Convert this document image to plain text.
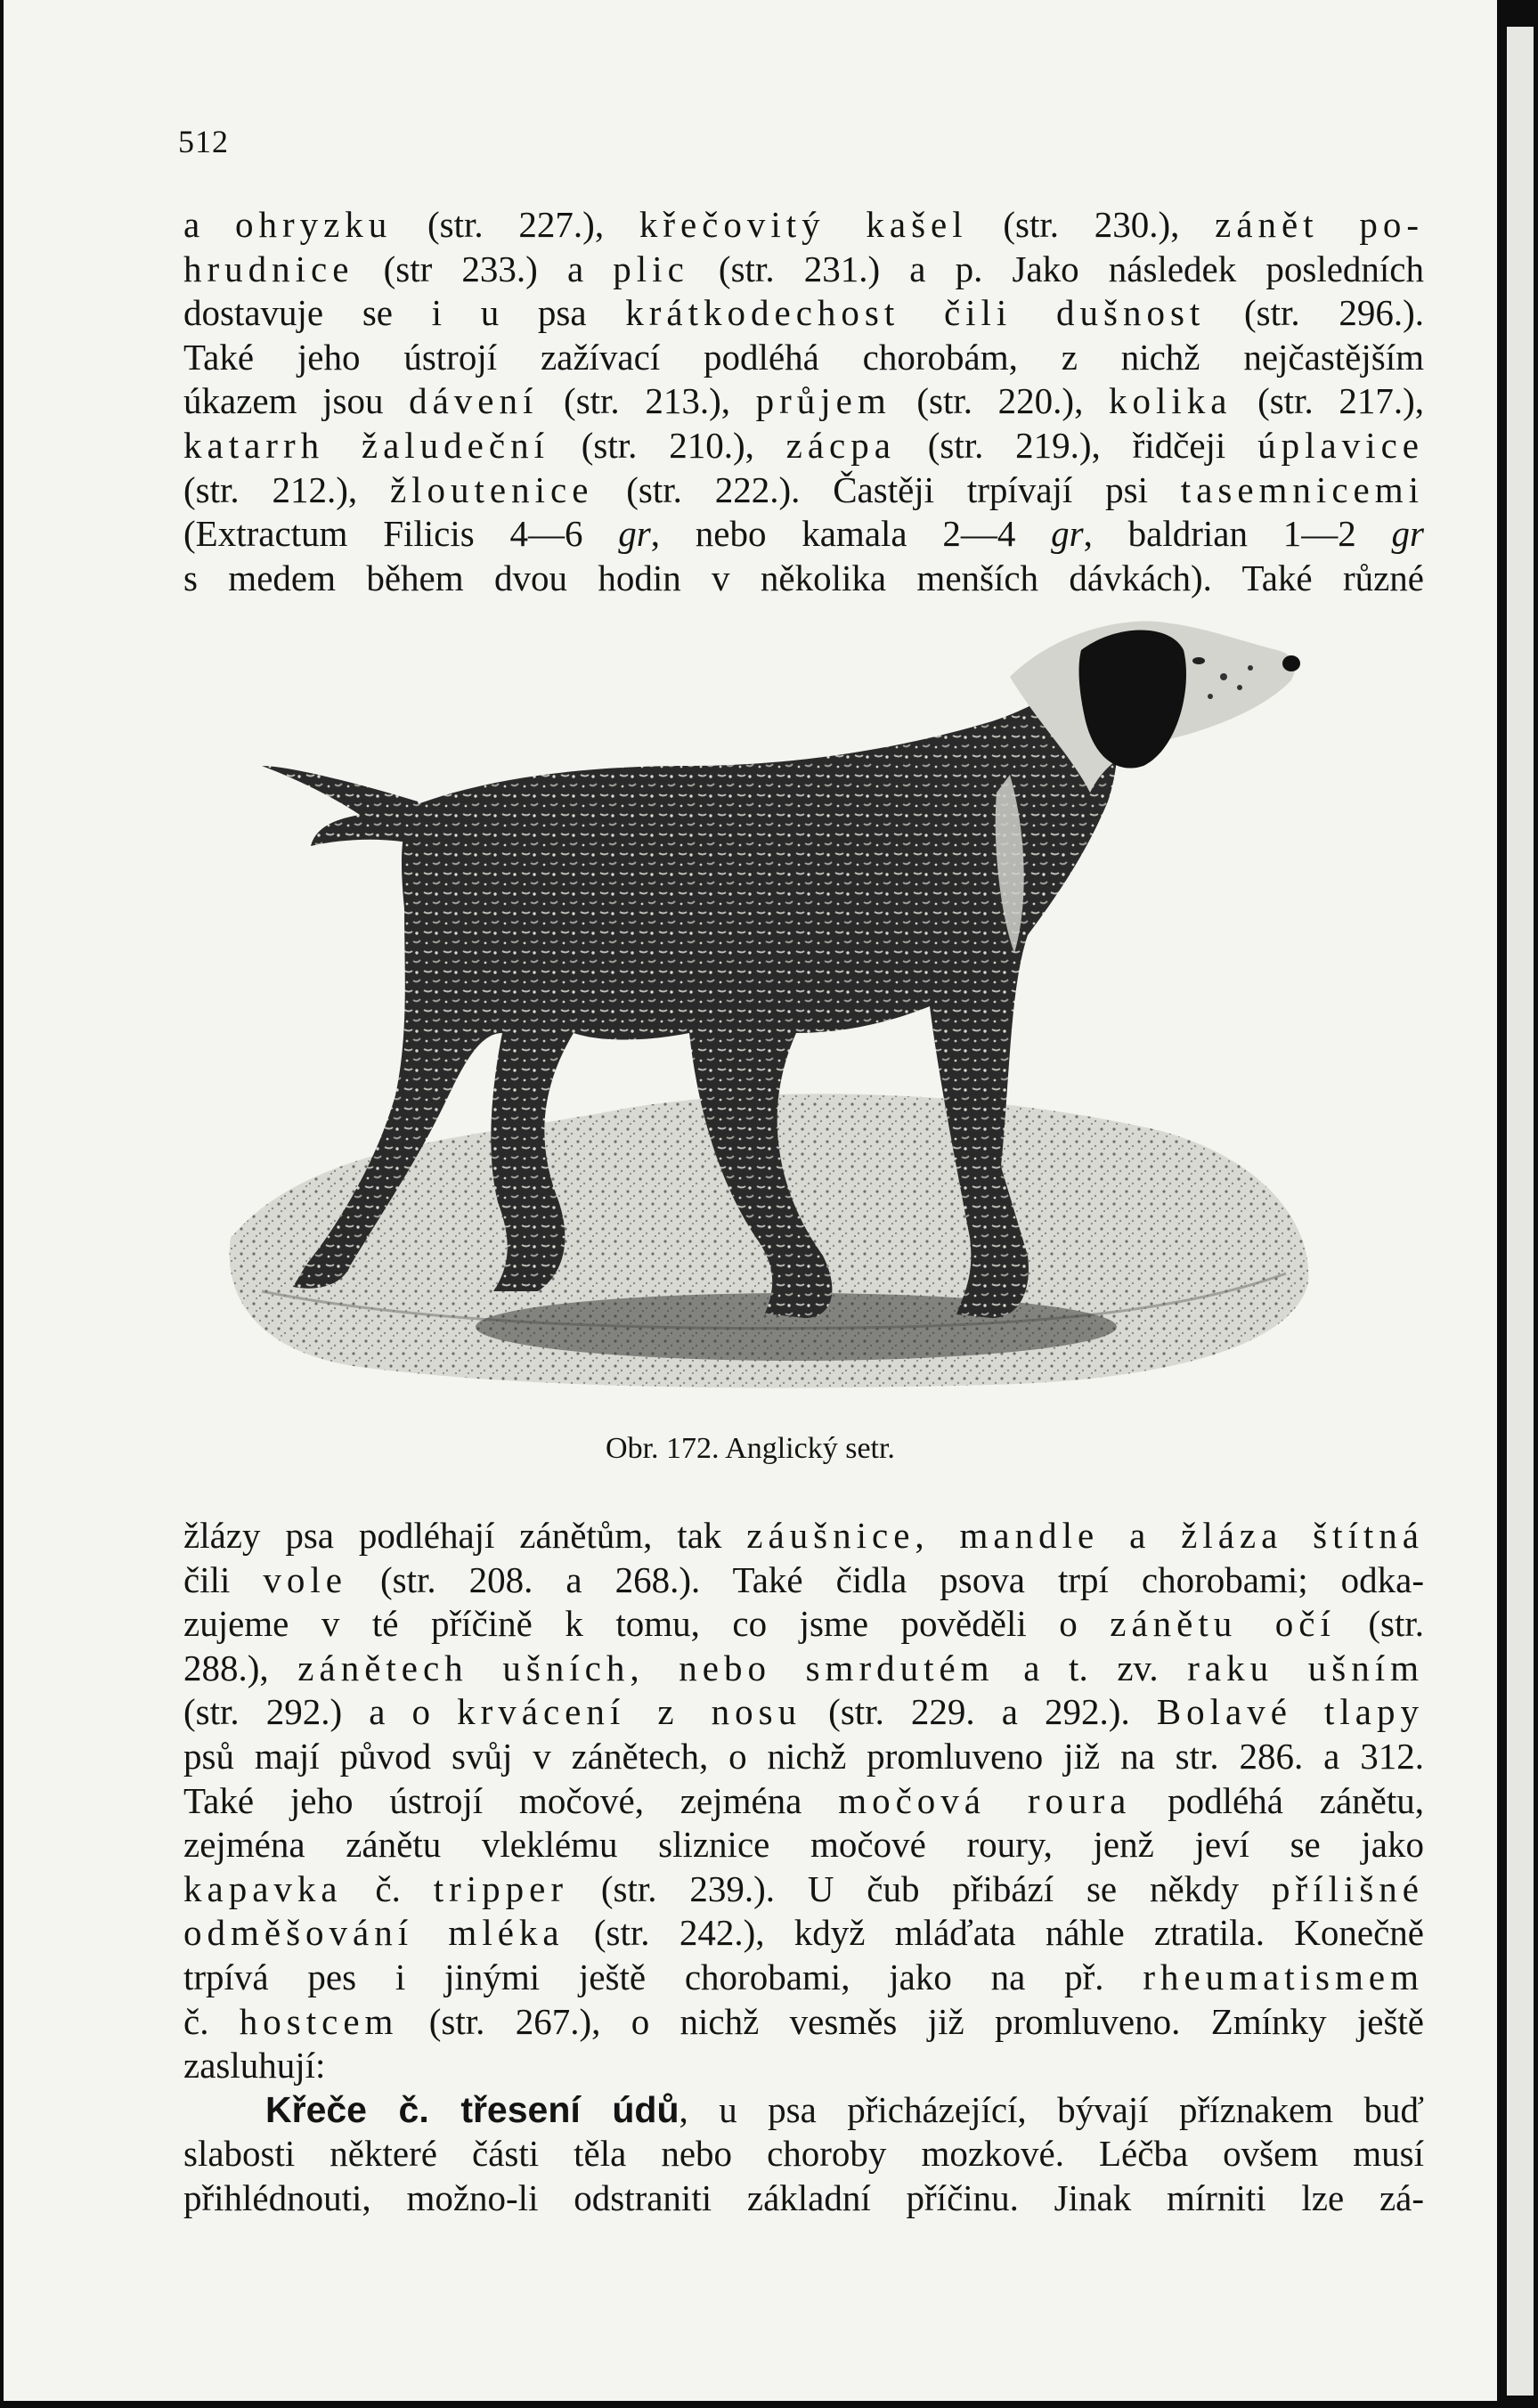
512
a ohryzku (str. 227.), křečovitý kašel (str. 230.), zánět po-
hrudnice (str 233.) a plic (str. 231.) a p. Jako následek posledních
dostavuje se i u psa krátkodechost čili dušnost (str. 296.).
Také jeho ústrojí zažívací podléhá chorobám, z nichž nejčastějším
úkazem jsou dávení (str. 213.), průjem (str. 220.), kolika (str. 217.),
katarrh žaludeční (str. 210.), zácpa (str. 219.), řidčeji úplavice
(str. 212.), žloutenice (str. 222.). Častěji trpívají psi tasemnicemi
(Extractum Filicis 4—6 gr, nebo kamala 2—4 gr, baldrian 1—2 gr
s medem během dvou hodin v několika menších dávkách). Také různé
Obr. 172. Anglický setr.
žlázy psa podléhají zánětům, tak záušnice, mandle a žláza štítná
čili vole (str. 208. a 268.). Také čidla psova trpí chorobami; odka-
zujeme v té příčině k tomu, co jsme pověděli o zánětu očí (str.
288.), zánětech ušních, nebo smrdutém a t. zv. raku ušním
(str. 292.) a o krvácení z nosu (str. 229. a 292.). Bolavé tlapy
psů mají původ svůj v zánětech, o nichž promluveno již na str. 286. a 312.
Také jeho ústrojí močové, zejména močová roura podléhá zánětu,
zejména zánětu vleklému sliznice močové roury, jenž jeví se jako
kapavka č. tripper (str. 239.). U čub přibází se někdy přílišné
odměšování mléka (str. 242.), když mláďata náhle ztratila. Konečně
trpívá pes i jinými ještě chorobami, jako na př. rheumatismem
č. hostcem (str. 267.), o nichž vesměs již promluveno. Zmínky ještě
zasluhují:
Křeče č. třesení údů, u psa přicházející, bývají příznakem buď
slabosti některé části těla nebo choroby mozkové. Léčba ovšem musí
přihlédnouti, možno-li odstraniti základní příčinu. Jinak mírniti lze zá-
